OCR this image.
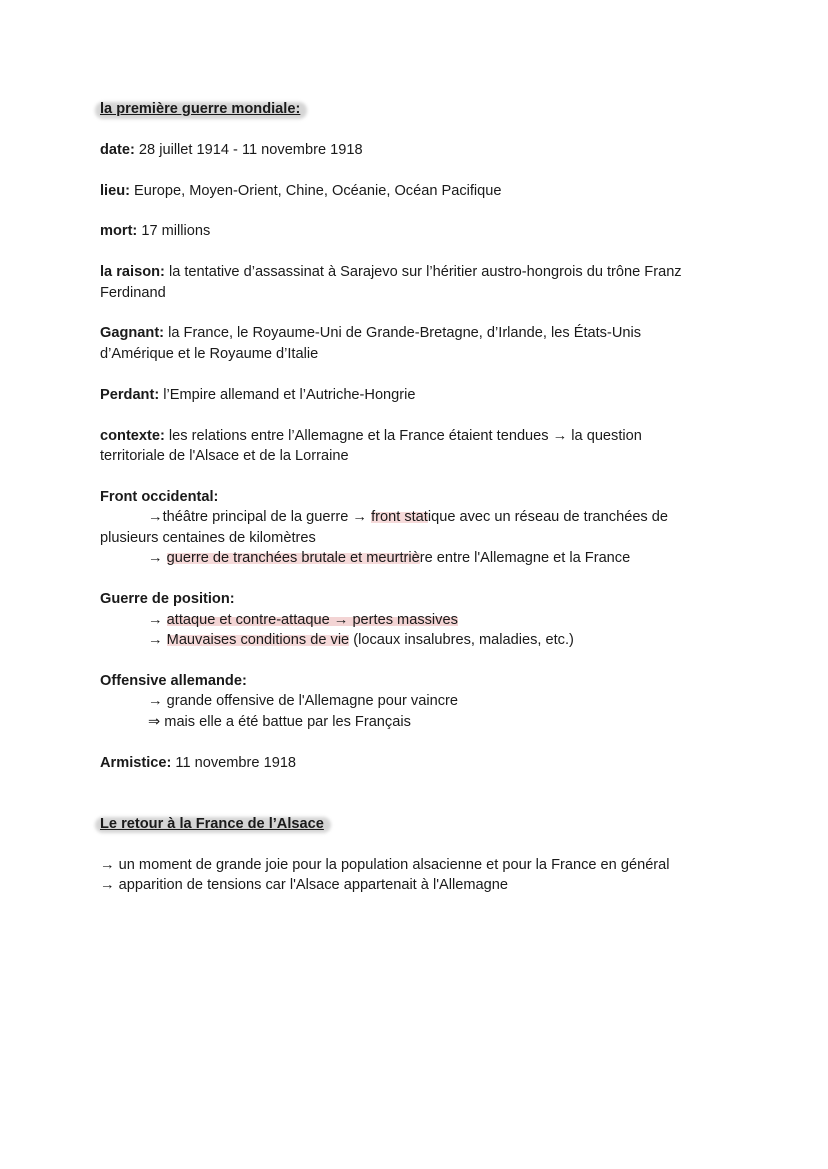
la première guerre mondiale:

date: 28 juillet 1914 - 11 novembre 1918

lieu: Europe, Moyen-Orient, Chine, Océanie, Océan Pacifique

mort: 17 millions

la raison: la tentative d’assassinat à Sarajevo sur l’héritier austro-hongrois du trône Franz

Ferdinand

Gagnant: la France, le Royaume-Uni de Grande-Bretagne, d’Irlande, les États-Unis

d’Amérique et le Royaume d’Italie

Perdant: l’Empire allemand et l’Autriche-Hongrie

contexte: les relations entre l’Allemagne et la France étaient tendues → la question

territoriale de l'Alsace et de la Lorraine

Front occidental:

→théâtre principal de la guerre → front statique avec un réseau de tranchées de

plusieurs centaines de kilomètres

→ guerre de tranchées brutale et meurtrière entre l'Allemagne et la France

Guerre de position:

→ attaque et contre-attaque → pertes massives

→ Mauvaises conditions de vie (locaux insalubres, maladies, etc.)

Offensive allemande:

→ grande offensive de l'Allemagne pour vaincre

⇒ mais elle a été battue par les Français

Armistice: 11 novembre 1918

Le retour à la France de l’Alsace

→ un moment de grande joie pour la population alsacienne et pour la France en général

→ apparition de tensions car l'Alsace appartenait à l'Allemagne
